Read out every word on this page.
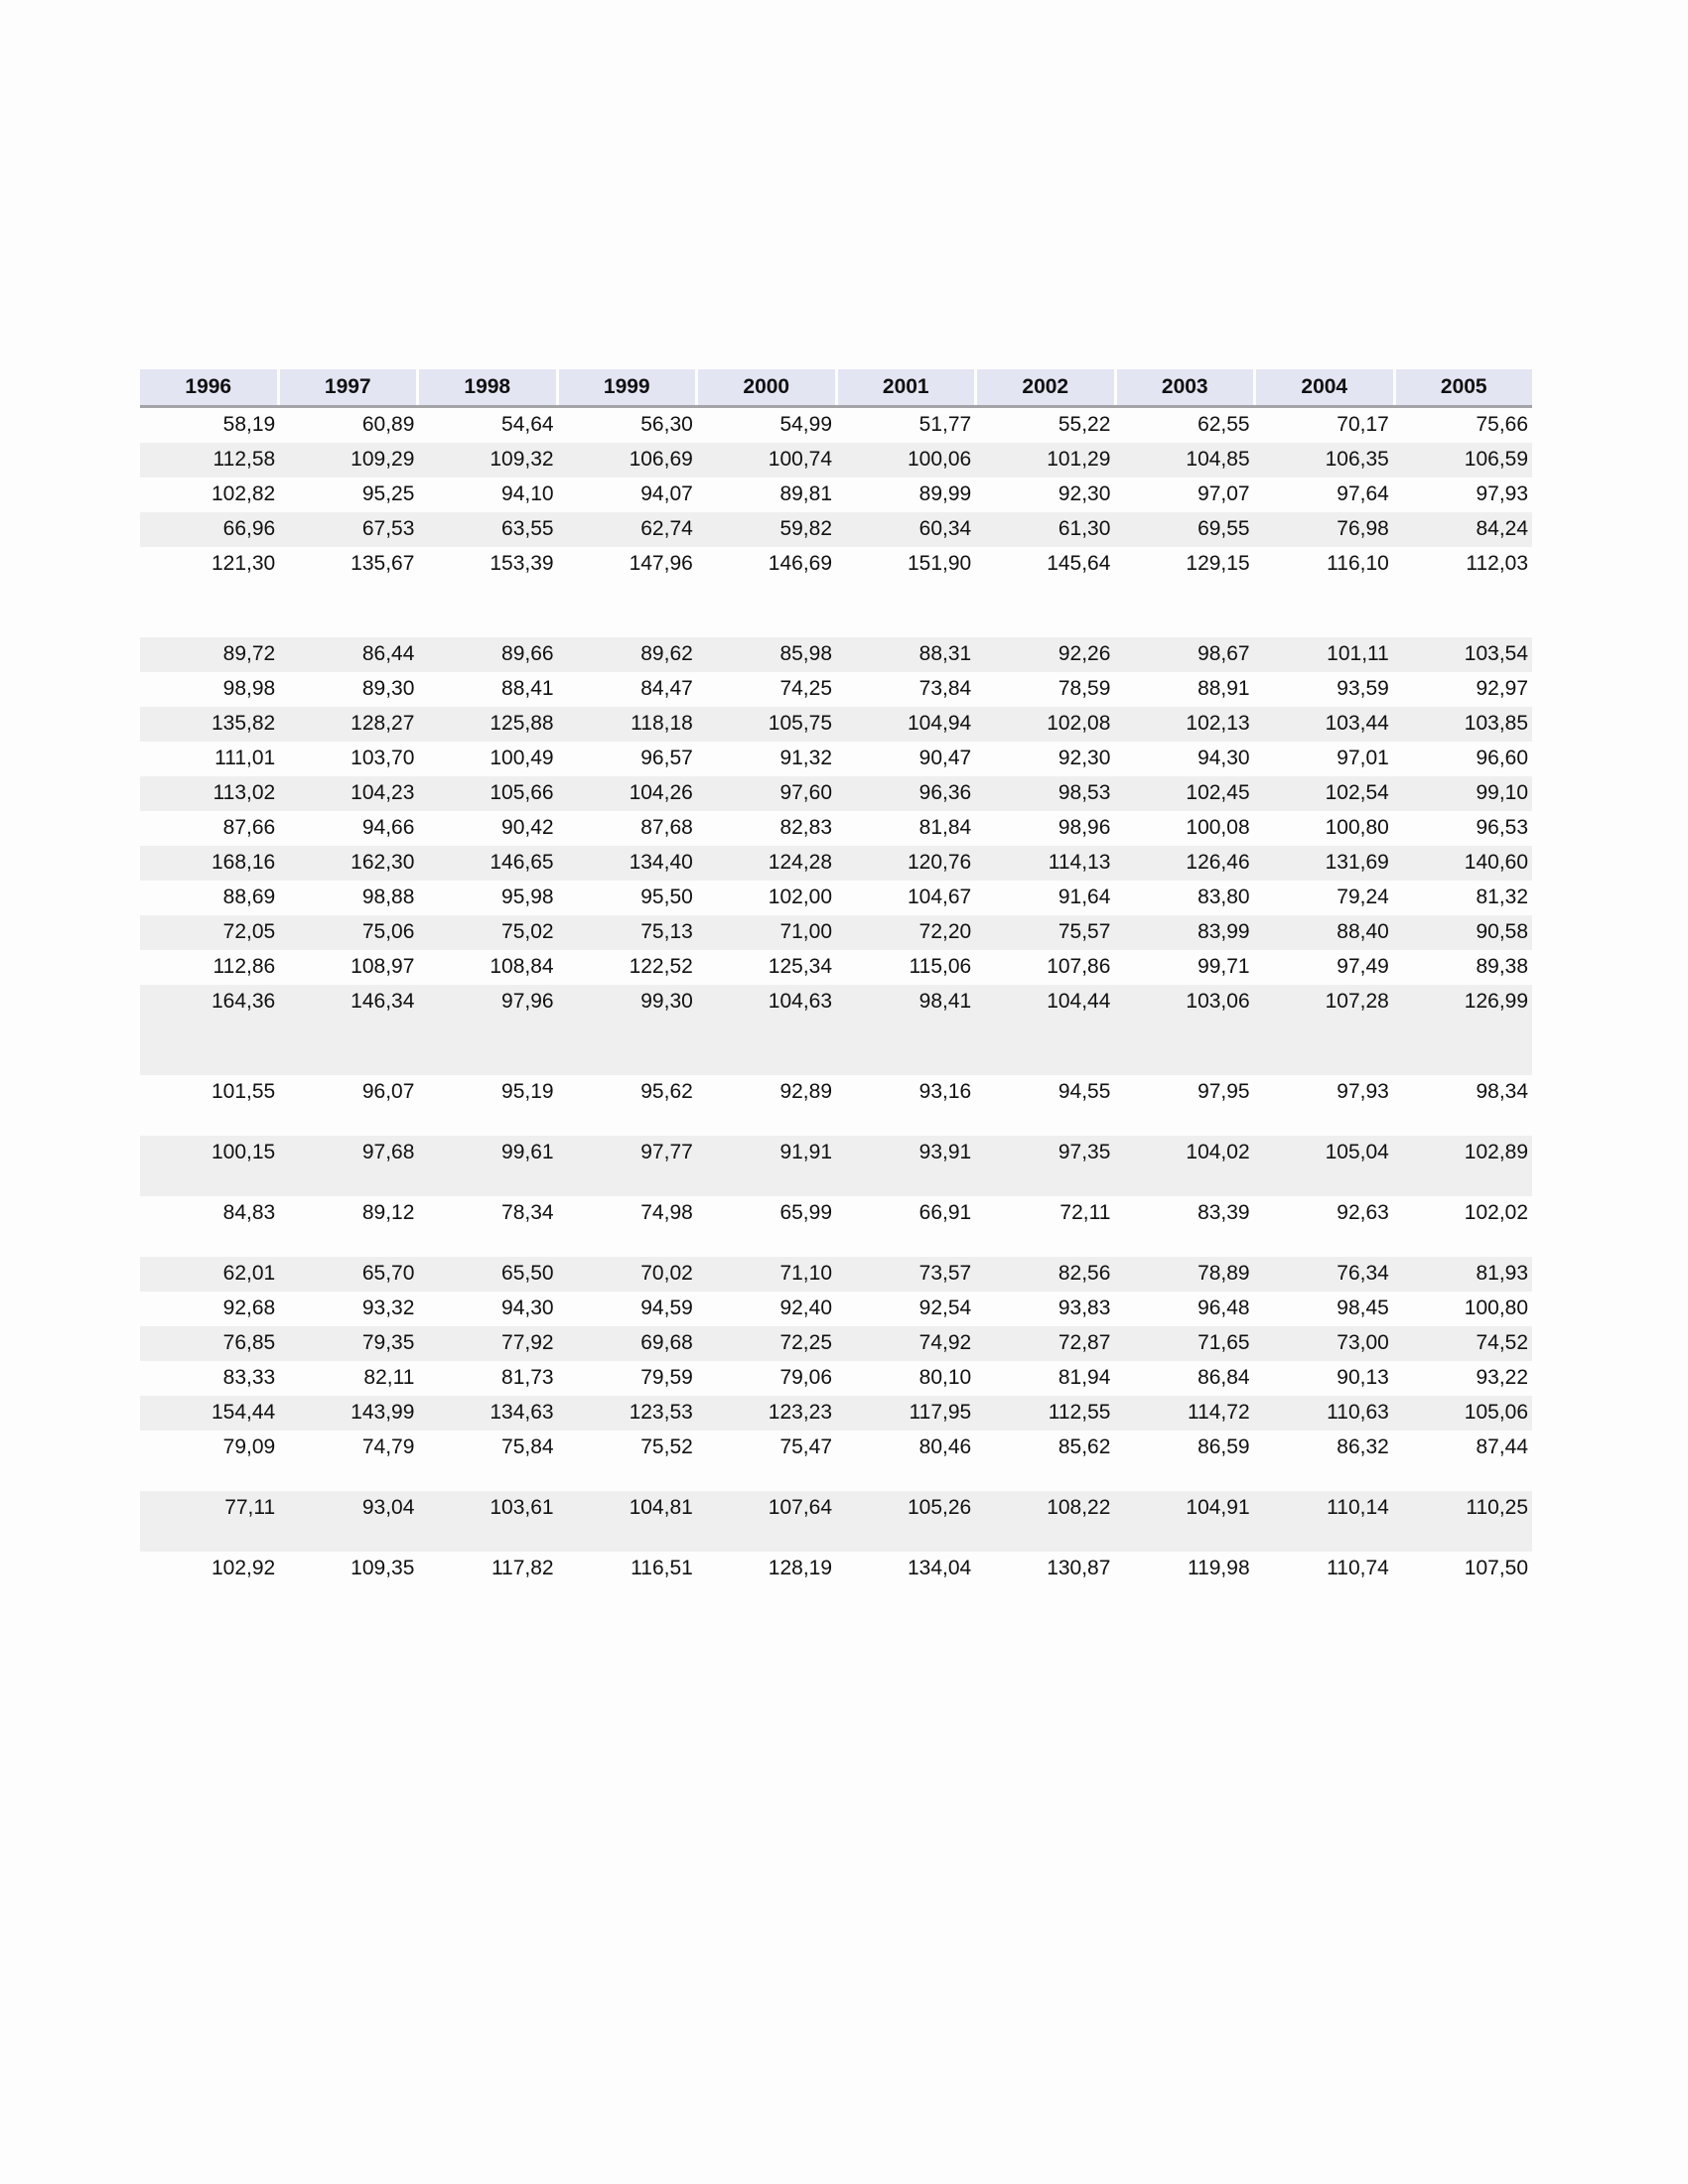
1996	1997	1998	1999	2000	2001	2002	2003	2004	2005
58,19	60,89	54,64	56,30	54,99	51,77	55,22	62,55	70,17	75,66
112,58	109,29	109,32	106,69	100,74	100,06	101,29	104,85	106,35	106,59
102,82	95,25	94,10	94,07	89,81	89,99	92,30	97,07	97,64	97,93
66,96	67,53	63,55	62,74	59,82	60,34	61,30	69,55	76,98	84,24
121,30	135,67	153,39	147,96	146,69	151,90	145,64	129,15	116,10	112,03
89,72	86,44	89,66	89,62	85,98	88,31	92,26	98,67	101,11	103,54
98,98	89,30	88,41	84,47	74,25	73,84	78,59	88,91	93,59	92,97
135,82	128,27	125,88	118,18	105,75	104,94	102,08	102,13	103,44	103,85
111,01	103,70	100,49	96,57	91,32	90,47	92,30	94,30	97,01	96,60
113,02	104,23	105,66	104,26	97,60	96,36	98,53	102,45	102,54	99,10
87,66	94,66	90,42	87,68	82,83	81,84	98,96	100,08	100,80	96,53
168,16	162,30	146,65	134,40	124,28	120,76	114,13	126,46	131,69	140,60
88,69	98,88	95,98	95,50	102,00	104,67	91,64	83,80	79,24	81,32
72,05	75,06	75,02	75,13	71,00	72,20	75,57	83,99	88,40	90,58
112,86	108,97	108,84	122,52	125,34	115,06	107,86	99,71	97,49	89,38
164,36	146,34	97,96	99,30	104,63	98,41	104,44	103,06	107,28	126,99
101,55	96,07	95,19	95,62	92,89	93,16	94,55	97,95	97,93	98,34
100,15	97,68	99,61	97,77	91,91	93,91	97,35	104,02	105,04	102,89
84,83	89,12	78,34	74,98	65,99	66,91	72,11	83,39	92,63	102,02
62,01	65,70	65,50	70,02	71,10	73,57	82,56	78,89	76,34	81,93
92,68	93,32	94,30	94,59	92,40	92,54	93,83	96,48	98,45	100,80
76,85	79,35	77,92	69,68	72,25	74,92	72,87	71,65	73,00	74,52
83,33	82,11	81,73	79,59	79,06	80,10	81,94	86,84	90,13	93,22
154,44	143,99	134,63	123,53	123,23	117,95	112,55	114,72	110,63	105,06
79,09	74,79	75,84	75,52	75,47	80,46	85,62	86,59	86,32	87,44
77,11	93,04	103,61	104,81	107,64	105,26	108,22	104,91	110,14	110,25
102,92	109,35	117,82	116,51	128,19	134,04	130,87	119,98	110,74	107,50
